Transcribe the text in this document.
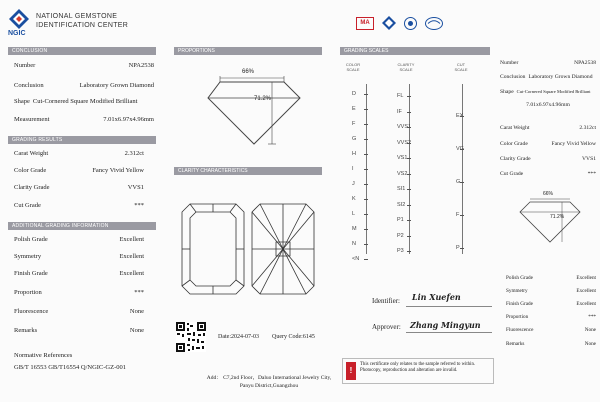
NATIONAL GEMSTONE
IDENTIFICATION CENTER
NGIC
CONCLUSION
Number	NPA2538
Conclusion	Laboratory Grown Diamond
Shape Cut-Cornered Square Modified Brilliant
Measurement	7.01x6.97x4.96mm
GRADING RESULTS
Carat Weight	2.312ct
Color Grade	Fancy Vivid Yellow
Clarity Grade	VVS1
Cut Grade	***
ADDITIONAL GRADING INFORMATION
Polish Grade	Excellent
Symmetry	Excellent
Finish Grade	Excellent
Proportion	***
Fluorescence	None
Remarks	None
Normative References
GB/T 16553 GB/T16554 Q/NGIC-GZ-001
PROPORTIONS
66%
71.2%
CLARITY CHARACTERISTICS
Date:2024-07-03 Query Code:6145
Add： C7,2nd Floor，Daluo International Jewelry City,
Panyu District,Guangzhou
MA
GRADING SCALES
COLOR SCALE
CLARITY SCALE
CUT SCALE
D
E
F
G
H
I
J
K
L
M
N
<N
FL
IF
VVS1
VVS2
VS1
VS2
SI1
SI2
P1
P2
P3
EX
VG
G
F
P
Identifier: Lin Xuefen
Approver: Zhang Mingyun
!
This certificate only relates to the sample referred to within. Photocopy, reproduction and alteration are invalid.
Number	NPA2538
Conclusion Laboratory Grown Diamond
Shape Cut-Cornered Square Modified Brilliant
7.01x6.97x4.96mm
Carat Weight	2.312ct
Color Grade	Fancy Vivid Yellow
Clarity Grade	VVS1
Cut Grade	***
66%
71.2%
Polish Grade	Excellent
Symmetry	Excellent
Finish Grade	Excellent
Proportion	***
Fluorescence	None
Remarks	None
